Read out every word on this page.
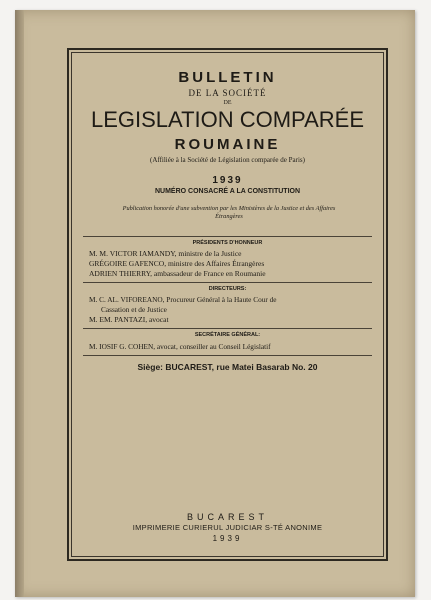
BULLETIN
DE LA SOCIÉTÉ
DE
LEGISLATION COMPARÉE
ROUMAINE
(Affiliée à la Société de Législation comparée de Paris)
1939
NUMÉRO CONSACRÉ A LA CONSTITUTION
Publication honorée d'une subvention par les Ministères de la Justice et des Affaires Étrangères
PRÉSIDENTS D'HONNEUR
M. M. VICTOR IAMANDY, ministre de la Justice
GRÉGOIRE GAFENCO, ministre des Affaires Étrangères
ADRIEN THIERRY, ambassadeur de France en Roumanie
DIRECTEURS:
M. C. AL. VIFOREANO, Procureur Général à la Haute Cour de
Cassation et de Justice
M. EM. PANTAZI, avocat
SECRÉTAIRE GÉNÉRAL:
M. IOSIF G. COHEN, avocat, conseiller au Conseil Législatif
Siège: BUCAREST, rue Matei Basarab No. 20
BUCAREST
IMPRIMERIE CURIERUL JUDICIAR S-TÉ ANONIME
1939
